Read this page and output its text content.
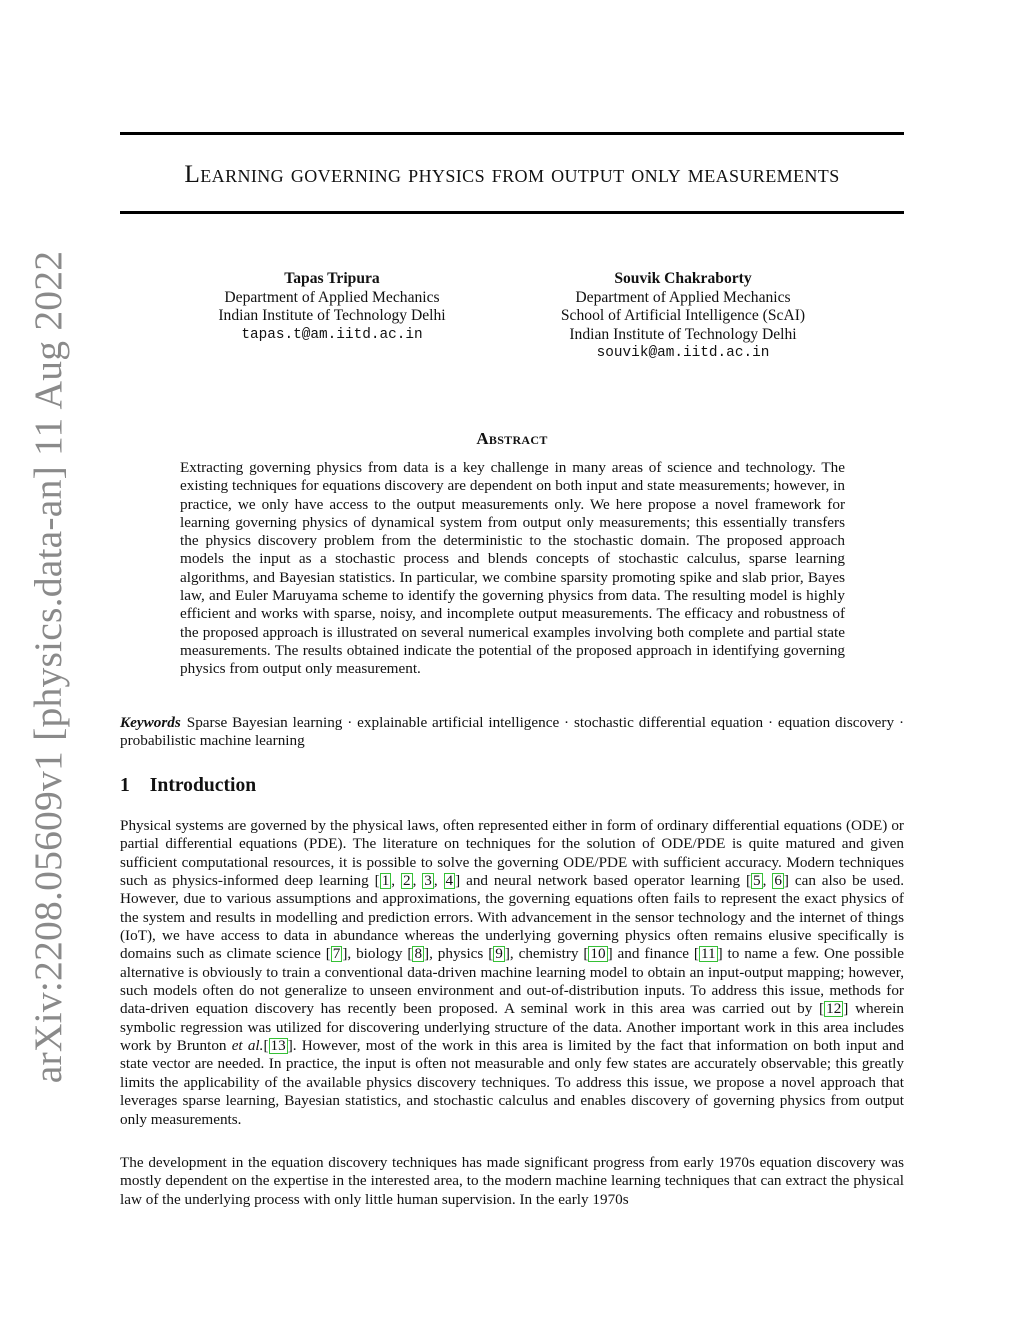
arXiv:2208.05609v1 [physics.data-an] 11 Aug 2022
Learning governing physics from output only measurements
Tapas Tripura
Department of Applied Mechanics
Indian Institute of Technology Delhi
tapas.t@am.iitd.ac.in
Souvik Chakraborty
Department of Applied Mechanics
School of Artificial Intelligence (ScAI)
Indian Institute of Technology Delhi
souvik@am.iitd.ac.in
Abstract
Extracting governing physics from data is a key challenge in many areas of science and technology. The existing techniques for equations discovery are dependent on both input and state measurements; however, in practice, we only have access to the output measurements only. We here propose a novel framework for learning governing physics of dynamical system from output only measurements; this essentially transfers the physics discovery problem from the deterministic to the stochastic domain. The proposed approach models the input as a stochastic process and blends concepts of stochastic calculus, sparse learning algorithms, and Bayesian statistics. In particular, we combine sparsity promoting spike and slab prior, Bayes law, and Euler Maruyama scheme to identify the governing physics from data. The resulting model is highly efficient and works with sparse, noisy, and incomplete output measurements. The efficacy and robustness of the proposed approach is illustrated on several numerical examples involving both complete and partial state measurements. The results obtained indicate the potential of the proposed approach in identifying governing physics from output only measurement.
Keywords Sparse Bayesian learning · explainable artificial intelligence · stochastic differential equation · equation discovery · probabilistic machine learning
1 Introduction
Physical systems are governed by the physical laws, often represented either in form of ordinary differential equations (ODE) or partial differential equations (PDE). The literature on techniques for the solution of ODE/PDE is quite matured and given sufficient computational resources, it is possible to solve the governing ODE/PDE with sufficient accuracy. Modern techniques such as physics-informed deep learning [ 1 , 2 , 3 , 4 ] and neural network based operator learning [ 5 , 6 ] can also be used. However, due to various assumptions and approximations, the governing equations often fails to represent the exact physics of the system and results in modelling and prediction errors. With advancement in the sensor technology and the internet of things (IoT), we have access to data in abundance whereas the underlying governing physics often remains elusive specifically is domains such as climate science [ 7 ], biology [ 8 ], physics [ 9 ], chemistry [ 10 ] and finance [ 11 ] to name a few. One possible alternative is obviously to train a conventional data-driven machine learning model to obtain an input-output mapping; however, such models often do not generalize to unseen environment and out-of-distribution inputs. To address this issue, methods for data-driven equation discovery has recently been proposed. A seminal work in this area was carried out by [ 12 ] wherein symbolic regression was utilized for discovering underlying structure of the data. Another important work in this area includes work by Brunton et al.[ 13 ]. However, most of the work in this area is limited by the fact that information on both input and state vector are needed. In practice, the input is often not measurable and only few states are accurately observable; this greatly limits the applicability of the available physics discovery techniques. To address this issue, we propose a novel approach that leverages sparse learning, Bayesian statistics, and stochastic calculus and enables discovery of governing physics from output only measurements.
The development in the equation discovery techniques has made significant progress from early 1970s equation discovery was mostly dependent on the expertise in the interested area, to the modern machine learning techniques that can extract the physical law of the underlying process with only little human supervision. In the early 1970s
